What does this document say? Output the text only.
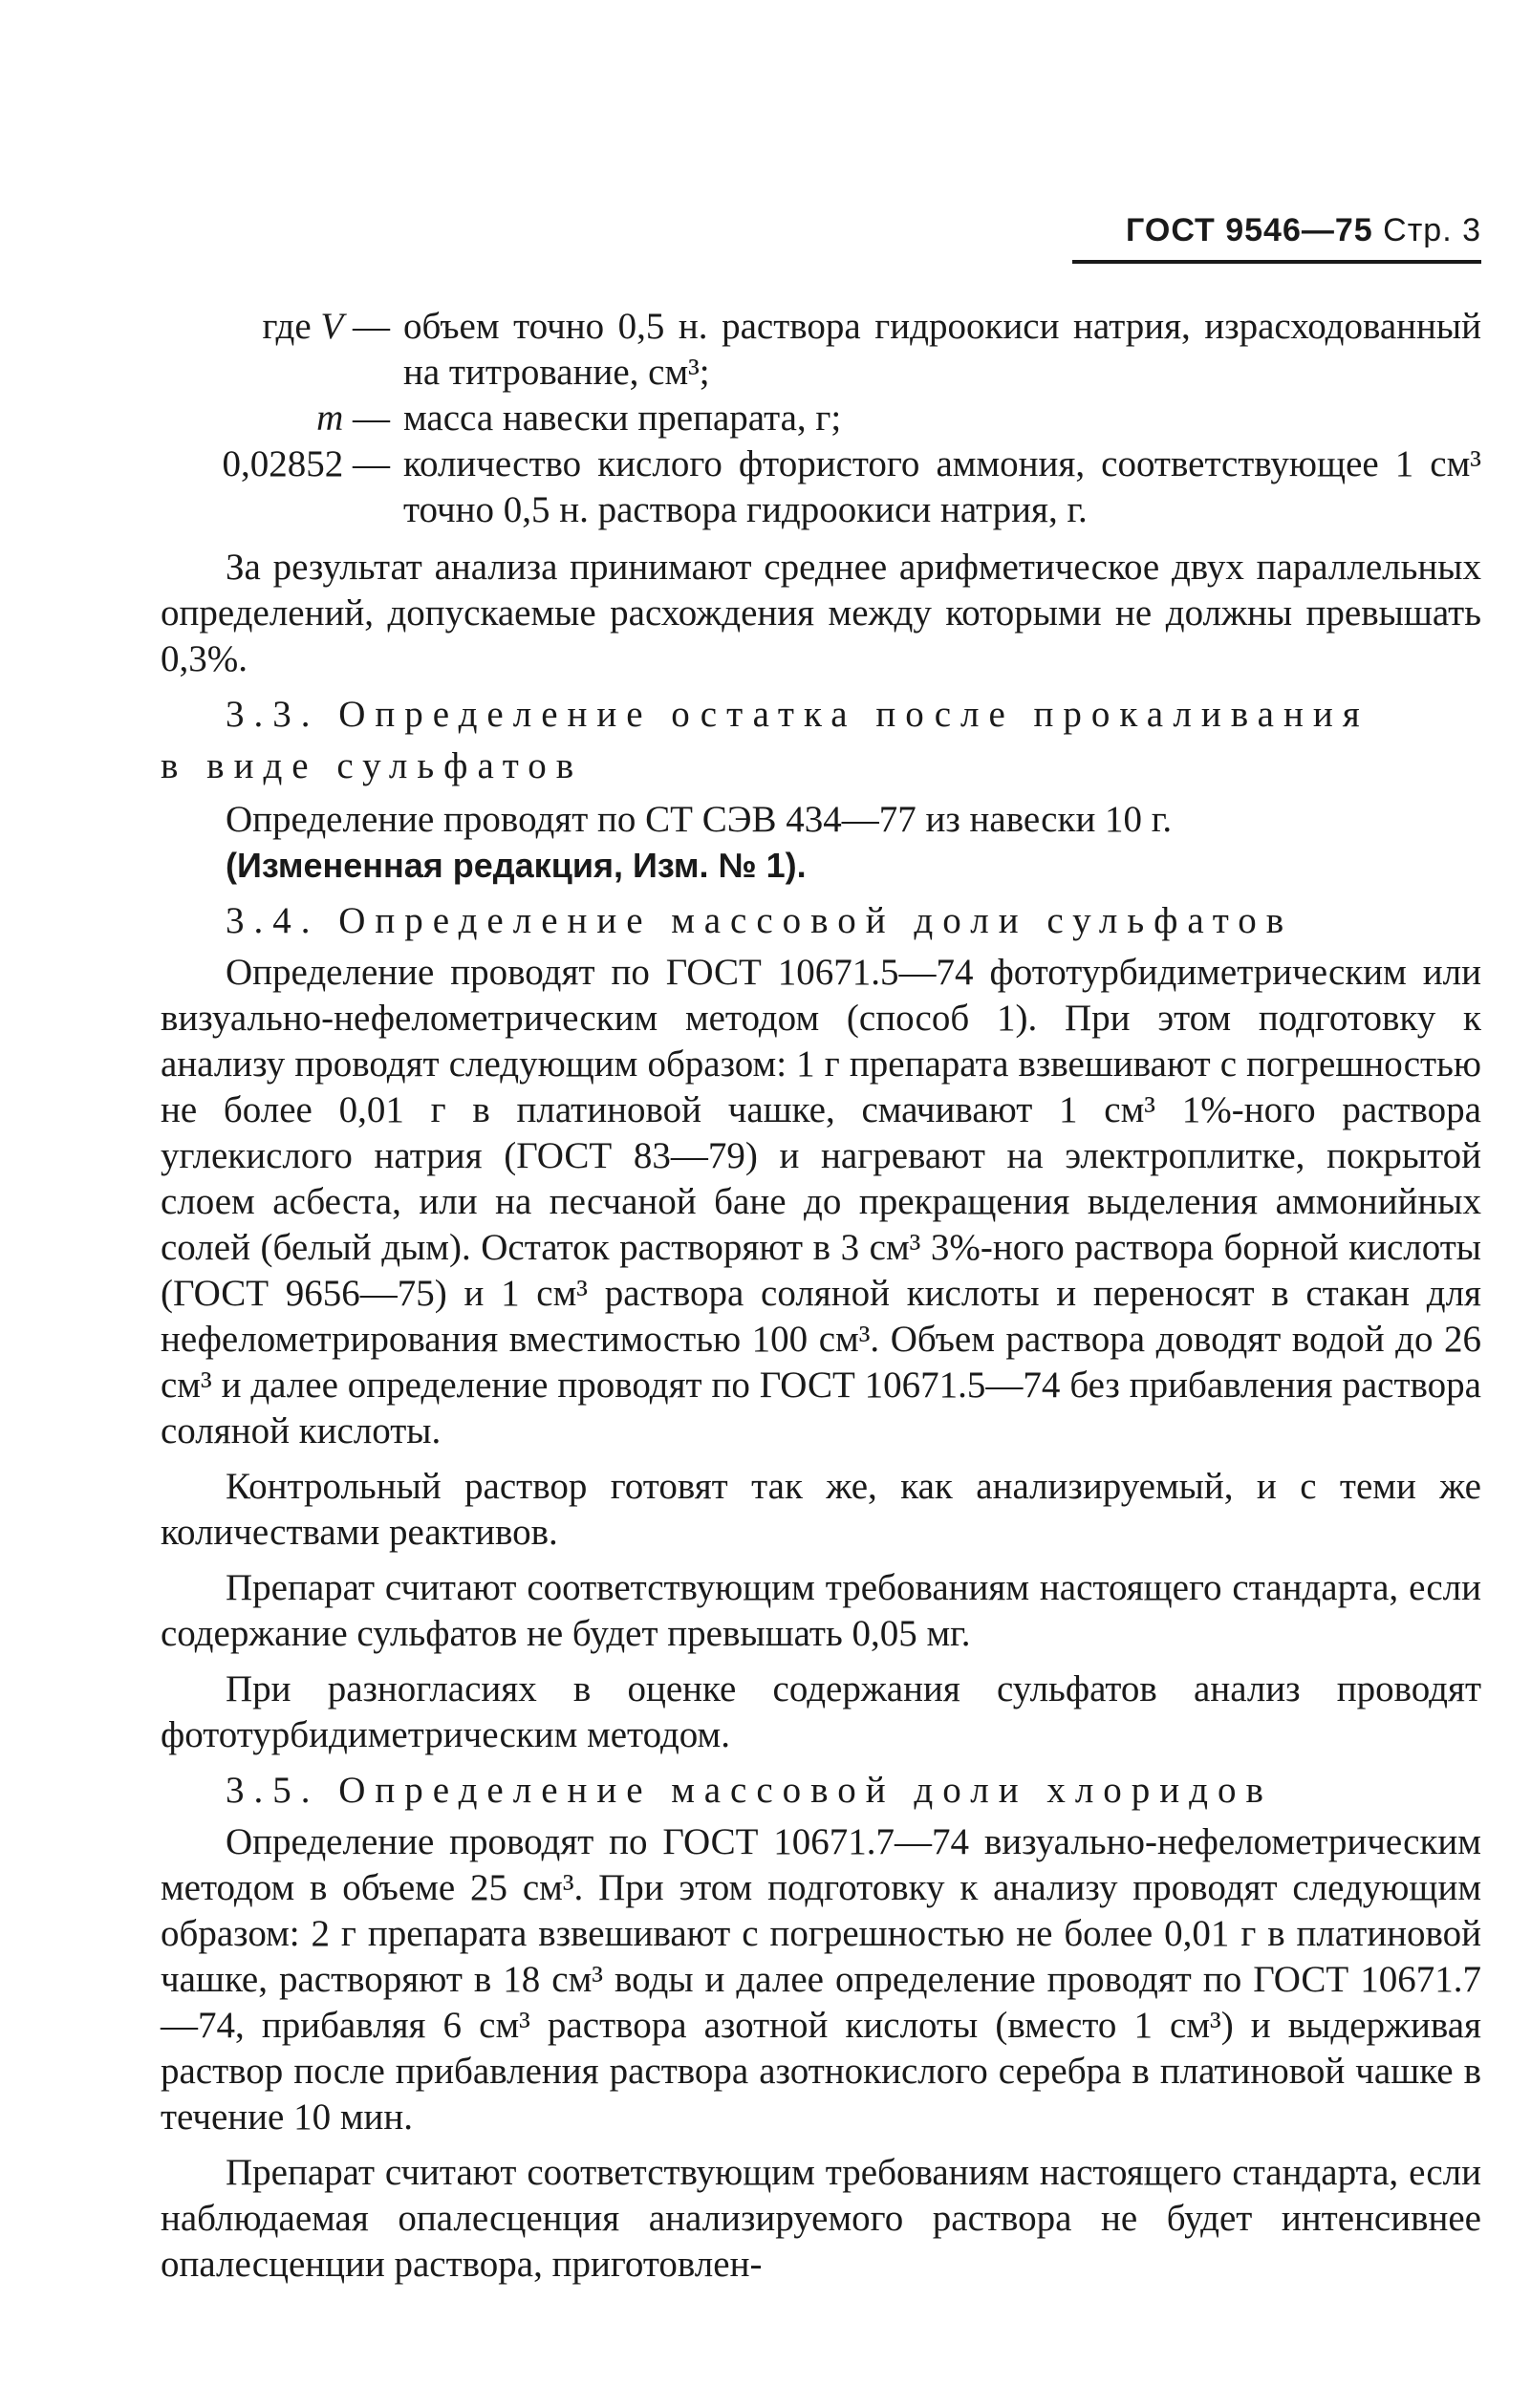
ГОСТ 9546—75 Стр. 3
где V — объем точно 0,5 н. раствора гидроокиси натрия, израсходованный на титрование, см³;
m — масса навески препарата, г;
0,02852 — количество кислого фтористого аммония, соответствующее 1 см³ точно 0,5 н. раствора гидроокиси натрия, г.

За результат анализа принимают среднее арифметическое двух параллельных определений, допускаемые расхождения между которыми не должны превышать 0,3%.

3.3. Определение остатка после прокаливания
в виде сульфатов

Определение проводят по СТ СЭВ 434—77 из навески 10 г.

(Измененная редакция, Изм. № 1).

3.4. Определение массовой доли сульфатов

Определение проводят по ГОСТ 10671.5—74 фототурбидиметрическим или визуально-нефелометрическим методом (способ 1). При этом подготовку к анализу проводят следующим образом: 1 г препарата взвешивают с погрешностью не более 0,01 г в платиновой чашке, смачивают 1 см³ 1%-ного раствора углекислого натрия (ГОСТ 83—79) и нагревают на электроплитке, покрытой слоем асбеста, или на песчаной бане до прекращения выделения аммонийных солей (белый дым). Остаток растворяют в 3 см³ 3%-ного раствора борной кислоты (ГОСТ 9656—75) и 1 см³ раствора соляной кислоты и переносят в стакан для нефелометрирования вместимостью 100 см³. Объем раствора доводят водой до 26 см³ и далее определение проводят по ГОСТ 10671.5—74 без прибавления раствора соляной кислоты.

Контрольный раствор готовят так же, как анализируемый, и с теми же количествами реактивов.

Препарат считают соответствующим требованиям настоящего стандарта, если содержание сульфатов не будет превышать 0,05 мг.

При разногласиях в оценке содержания сульфатов анализ проводят фототурбидиметрическим методом.

3.5. Определение массовой доли хлоридов

Определение проводят по ГОСТ 10671.7—74 визуально-нефелометрическим методом в объеме 25 см³. При этом подготовку к анализу проводят следующим образом: 2 г препарата взвешивают с погрешностью не более 0,01 г в платиновой чашке, растворяют в 18 см³ воды и далее определение проводят по ГОСТ 10671.7—74, прибавляя 6 см³ раствора азотной кислоты (вместо 1 см³) и выдерживая раствор после прибавления раствора азотнокислого серебра в платиновой чашке в течение 10 мин.

Препарат считают соответствующим требованиям настоящего стандарта, если наблюдаемая опалесценция анализируемого раствора не будет интенсивнее опалесценции раствора, приготовлен-
